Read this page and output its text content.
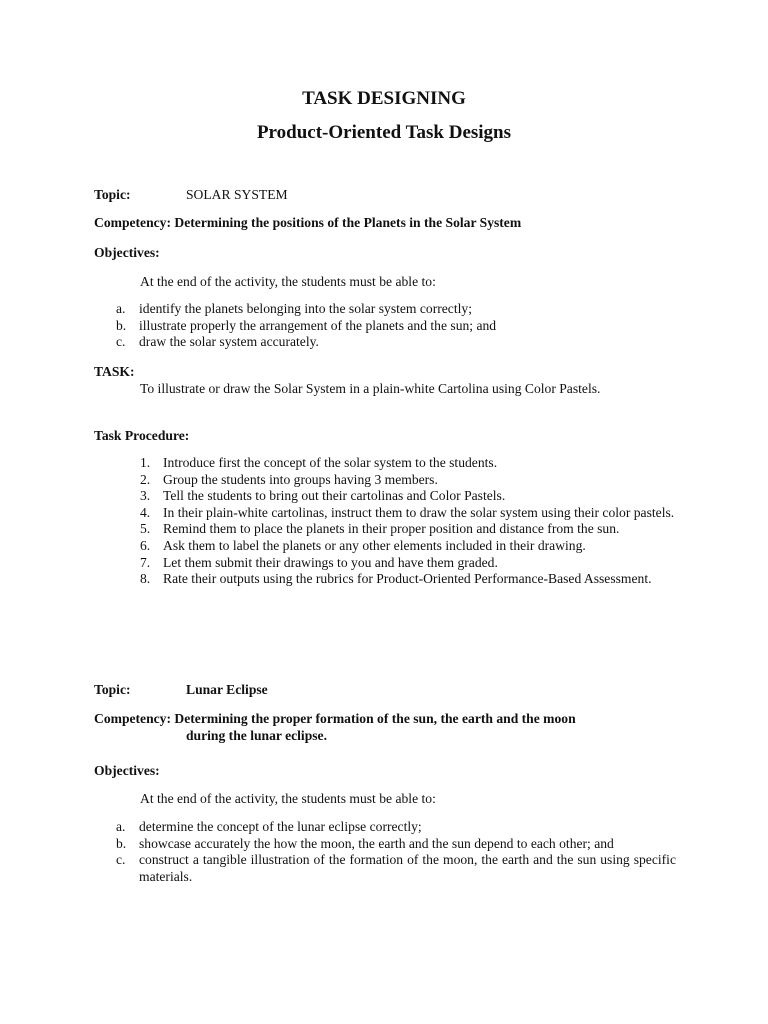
TASK DESIGNING
Product-Oriented Task Designs
Topic:	SOLAR SYSTEM
Competency: Determining the positions of the Planets in the Solar System
Objectives:
At the end of the activity, the students must be able to:
a. identify the planets belonging into the solar system correctly;
b. illustrate properly the arrangement of the planets and the sun; and
c. draw the solar system accurately.
TASK:
To illustrate or draw the Solar System in a plain-white Cartolina using Color Pastels.
Task Procedure:
1. Introduce first the concept of the solar system to the students.
2. Group the students into groups having 3 members.
3. Tell the students to bring out their cartolinas and Color Pastels.
4. In their plain-white cartolinas, instruct them to draw the solar system using their color pastels.
5. Remind them to place the planets in their proper position and distance from the sun.
6. Ask them to label the planets or any other elements included in their drawing.
7. Let them submit their drawings to you and have them graded.
8. Rate their outputs using the rubrics for Product-Oriented Performance-Based Assessment.
Topic:	Lunar Eclipse
Competency: Determining the proper formation of the sun, the earth and the moon
during the lunar eclipse.
Objectives:
At the end of the activity, the students must be able to:
a. determine the concept of the lunar eclipse correctly;
b. showcase accurately the how the moon, the earth and the sun depend to each other; and
c. construct a tangible illustration of the formation of the moon, the earth and the sun using specific materials.
